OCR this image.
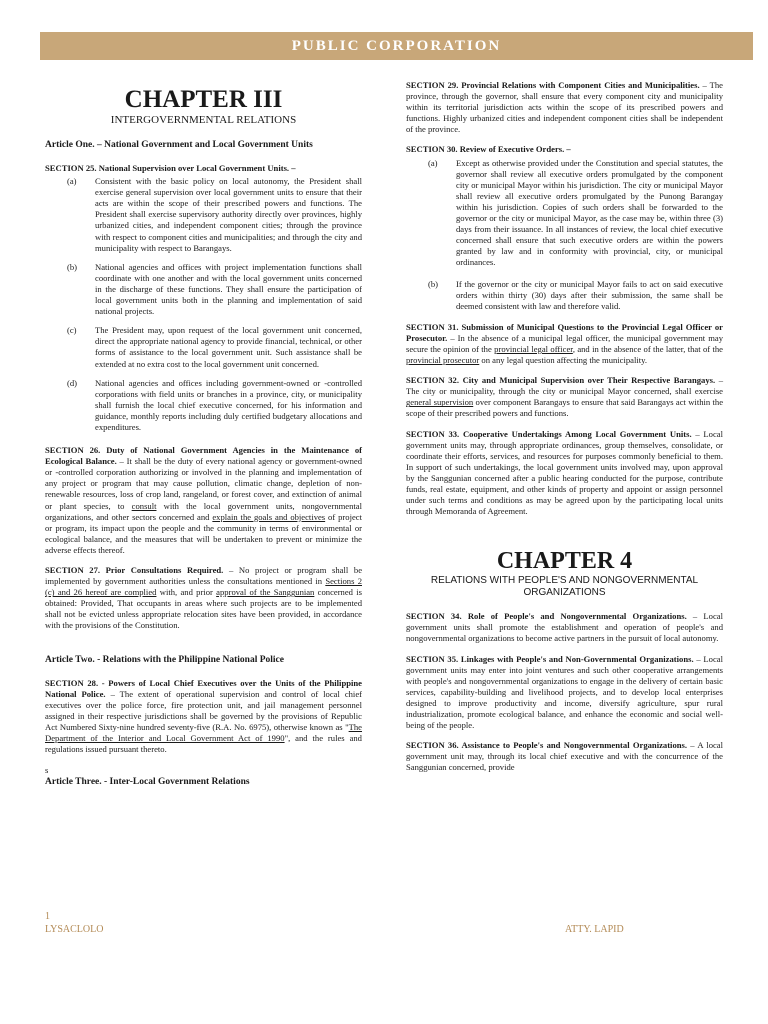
PUBLIC CORPORATION
CHAPTER III
INTERGOVERNMENTAL RELATIONS
Article One. – National Government and Local Government Units
SECTION 25. National Supervision over Local Government Units. –
(a)	Consistent with the basic policy on local autonomy, the President shall exercise general supervision over local government units to ensure that their acts are within the scope of their prescribed powers and functions. The President shall exercise supervisory authority directly over provinces, highly urbanized cities, and independent component cities; through the province with respect to component cities and municipalities; and through the city and municipality with respect to Barangays.
(b)	National agencies and offices with project implementation functions shall coordinate with one another and with the local government units concerned in the discharge of these functions. They shall ensure the participation of local government units both in the planning and implementation of said national projects.
(c)	The President may, upon request of the local government unit concerned, direct the appropriate national agency to provide financial, technical, or other forms of assistance to the local government unit. Such assistance shall be extended at no extra cost to the local government unit concerned.
(d)	National agencies and offices including government-owned or -controlled corporations with field units or branches in a province, city, or municipality shall furnish the local chief executive concerned, for his information and guidance, monthly reports including duly certified budgetary allocations and expenditures.

SECTION 26. Duty of National Government Agencies in the Maintenance of Ecological Balance. – It shall be the duty of every national agency or government-owned or -controlled corporation authorizing or involved in the planning and implementation of any project or program that may cause pollution, climatic change, depletion of non-renewable resources, loss of crop land, rangeland, or forest cover, and extinction of animal or plant species, to consult with the local government units, nongovernmental organizations, and other sectors concerned and explain the goals and objectives of project or program, its impact upon the people and the community in terms of environmental or ecological balance, and the measures that will be undertaken to prevent or minimize the adverse effects thereof.

SECTION 27. Prior Consultations Required. – No project or program shall be implemented by government authorities unless the consultations mentioned in Sections 2 (c) and 26 hereof are complied with, and prior approval of the Sanggunian concerned is obtained: Provided, That occupants in areas where such projects are to be implemented shall not be evicted unless appropriate relocation sites have been provided, in accordance with the provisions of the Constitution.

Article Two. - Relations with the Philippine National Police

SECTION 28. - Powers of Local Chief Executives over the Units of the Philippine National Police. – The extent of operational supervision and control of local chief executives over the police force, fire protection unit, and jail management personnel assigned in their respective jurisdictions shall be governed by the provisions of Republic Act Numbered Sixty-nine hundred seventy-five (R.A. No. 6975), otherwise known as "The Department of the Interior and Local Government Act of 1990", and the rules and regulations issued pursuant thereto.

s
Article Three. - Inter-Local Government Relations

SECTION 29. Provincial Relations with Component Cities and Municipalities. – The province, through the governor, shall ensure that every component city and municipality within its territorial jurisdiction acts within the scope of its prescribed powers and functions. Highly urbanized cities and independent component cities shall be independent of the province.

SECTION 30. Review of Executive Orders. –
(a)	Except as otherwise provided under the Constitution and special statutes, the governor shall review all executive orders promulgated by the component city or municipal Mayor within his jurisdiction. The city or municipal Mayor shall review all executive orders promulgated by the Punong Barangay within his jurisdiction. Copies of such orders shall be forwarded to the governor or the city or municipal Mayor, as the case may be, within three (3) days from their issuance. In all instances of review, the local chief executive concerned shall ensure that such executive orders are within the powers granted by law and in conformity with provincial, city, or municipal ordinances.
(b)	If the governor or the city or municipal Mayor fails to act on said executive orders within thirty (30) days after their submission, the same shall be deemed consistent with law and therefore valid.

SECTION 31. Submission of Municipal Questions to the Provincial Legal Officer or Prosecutor. – In the absence of a municipal legal officer, the municipal government may secure the opinion of the provincial legal officer, and in the absence of the latter, that of the provincial prosecutor on any legal question affecting the municipality.

SECTION 32. City and Municipal Supervision over Their Respective Barangays. – The city or municipality, through the city or municipal Mayor concerned, shall exercise general supervision over component Barangays to ensure that said Barangays act within the scope of their prescribed powers and functions.

SECTION 33. Cooperative Undertakings Among Local Government Units. – Local government units may, through appropriate ordinances, group themselves, consolidate, or coordinate their efforts, services, and resources for purposes commonly beneficial to them. In support of such undertakings, the local government units involved may, upon approval by the Sanggunian concerned after a public hearing conducted for the purpose, contribute funds, real estate, equipment, and other kinds of property and appoint or assign personnel under such terms and conditions as may be agreed upon by the participating local units through Memoranda of Agreement.

CHAPTER 4
RELATIONS WITH PEOPLE'S AND NONGOVERNMENTAL ORGANIZATIONS

SECTION 34. Role of People's and Nongovernmental Organizations. – Local government units shall promote the establishment and operation of people's and nongovernmental organizations to become active partners in the pursuit of local autonomy.

SECTION 35. Linkages with People's and Non-Governmental Organizations. – Local government units may enter into joint ventures and such other cooperative arrangements with people's and nongovernmental organizations to engage in the delivery of certain basic services, capability-building and livelihood projects, and to develop local enterprises designed to improve productivity and income, diversify agriculture, spur rural industrialization, promote ecological balance, and enhance the economic and social well-being of the people.

SECTION 36. Assistance to People's and Nongovernmental Organizations. – A local government unit may, through its local chief executive and with the concurrence of the Sanggunian concerned, provide

1
LYSACLOLO	ATTY. LAPID
